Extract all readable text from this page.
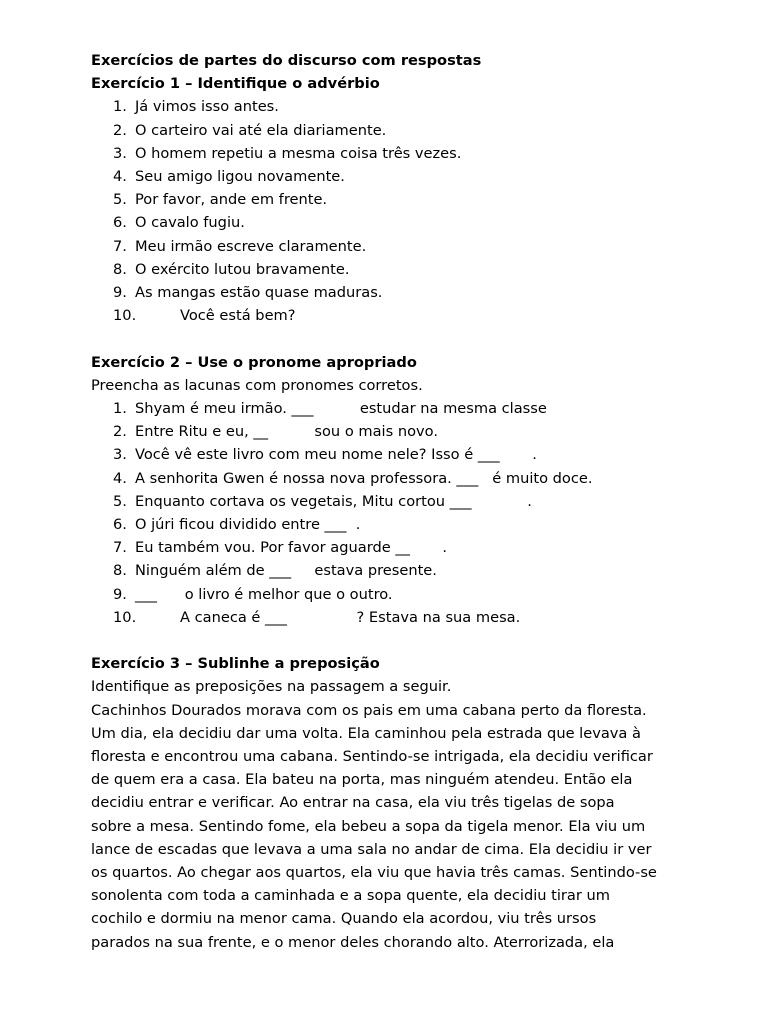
Exercícios de partes do discurso com respostas

Exercício 1 – Identifique o advérbio

1. Já vimos isso antes.
2. O carteiro vai até ela diariamente.
3. O homem repetiu a mesma coisa três vezes.
4. Seu amigo ligou novamente.
5. Por favor, ande em frente.
6. O cavalo fugiu.
7. Meu irmão escreve claramente.
8. O exército lutou bravamente.
9. As mangas estão quase maduras.
10.	Você está bem?

Exercício 2 – Use o pronome apropriado

Preencha as lacunas com pronomes corretos.

1. Shyam é meu irmão. ___          estudar na mesma classe
2. Entre Ritu e eu, __          sou o mais novo.
3. Você vê este livro com meu nome nele? Isso é ___       .
4. A senhorita Gwen é nossa nova professora. ___   é muito doce.
5. Enquanto cortava os vegetais, Mitu cortou ___            .
6. O júri ficou dividido entre ___  .
7. Eu também vou. Por favor aguarde __       .
8. Ninguém além de ___     estava presente.
9. ___      o livro é melhor que o outro.
10.	A caneca é ___               ? Estava na sua mesa.

Exercício 3 – Sublinhe a preposição

Identifique as preposições na passagem a seguir.

Cachinhos Dourados morava com os pais em uma cabana perto da floresta.

Um dia, ela decidiu dar uma volta. Ela caminhou pela estrada que levava à

floresta e encontrou uma cabana. Sentindo-se intrigada, ela decidiu verificar

de quem era a casa. Ela bateu na porta, mas ninguém atendeu. Então ela

decidiu entrar e verificar. Ao entrar na casa, ela viu três tigelas de sopa

sobre a mesa. Sentindo fome, ela bebeu a sopa da tigela menor. Ela viu um

lance de escadas que levava a uma sala no andar de cima. Ela decidiu ir ver

os quartos. Ao chegar aos quartos, ela viu que havia três camas. Sentindo-se

sonolenta com toda a caminhada e a sopa quente, ela decidiu tirar um

cochilo e dormiu na menor cama. Quando ela acordou, viu três ursos

parados na sua frente, e o menor deles chorando alto. Aterrorizada, ela
